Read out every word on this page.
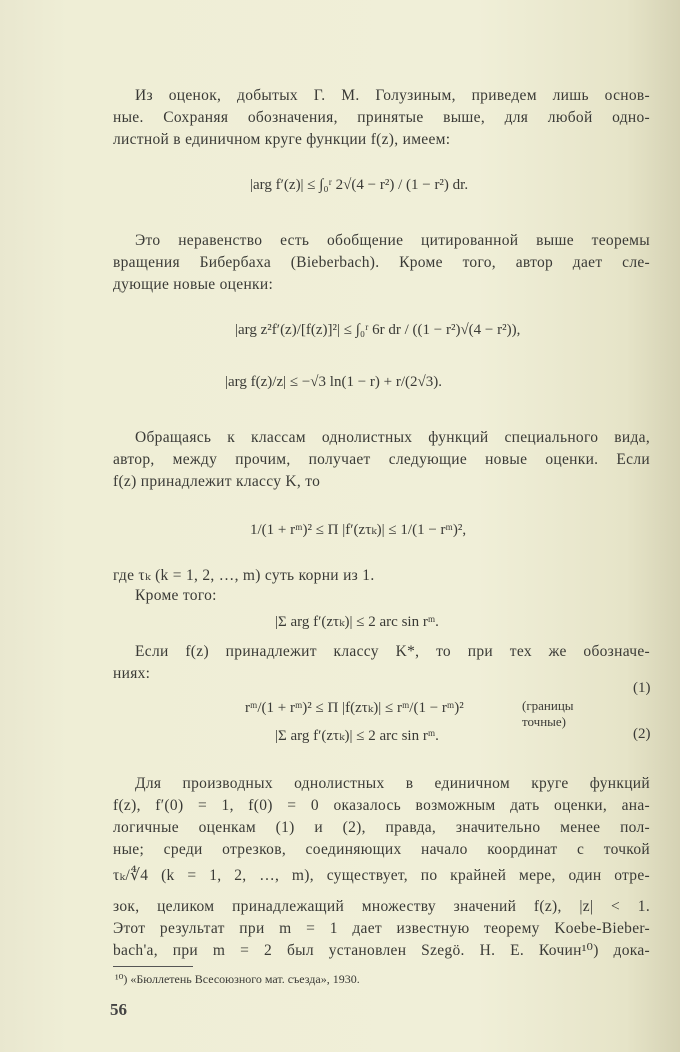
Из оценок, добытых Г. М. Голузиным, приведем лишь основ-
ные. Сохраняя обозначения, принятые выше, для любой одно-
листной в единичном круге функции f(z), имеем:
|arg f′(z)| ≤ ∫₀ʳ 2√(4 − r²) / (1 − r²) dr.
Это неравенство есть обобщение цитированной выше теоремы
вращения Бибербаха (Bieberbach). Кроме того, автор дает сле-
дующие новые оценки:
|arg z²f′(z)/[f(z)]²| ≤ ∫₀ʳ 6r dr / ((1 − r²)√(4 − r²)),
|arg f(z)/z| ≤ −√3 ln(1 − r) + r/(2√3).
Обращаясь к классам однолистных функций специального вида,
автор, между прочим, получает следующие новые оценки. Если
f(z) принадлежит классу K, то
1/(1 + rᵐ)² ≤ Π |f′(zτₖ)| ≤ 1/(1 − rᵐ)²,
где τₖ (k = 1, 2, …, m) суть корни из 1.
Кроме того:
|Σ arg f′(zτₖ)| ≤ 2 arc sin rᵐ.
Если f(z) принадлежит классу K*, то при тех же обозначе-
ниях:
rᵐ/(1 + rᵐ)² ≤ Π |f(zτₖ)| ≤ rᵐ/(1 − rᵐ)²	(границы точные)
(1)
|Σ arg f′(zτₖ)| ≤ 2 arc sin rᵐ.	(2)
Для производных однолистных в единичном круге функций
f(z), f′(0) = 1, f(0) = 0 оказалось возможным дать оценки, ана-
логичные оценкам (1) и (2), правда, значительно менее пол-
ные; среди отрезков, соединяющих начало координат с точкой
τₖ/∜4 (k = 1, 2, …, m), существует, по крайней мере, один отре-
зок, целиком принадлежащий множеству значений f(z), |z| < 1.
Этот результат при m = 1 дает известную теорему Koebe-Bieber-
bach'a, при m = 2 был установлен Szegö. Н. Е. Кочин¹⁰) дока-
¹⁰) «Бюллетень Всесоюзного мат. съезда», 1930.
56
